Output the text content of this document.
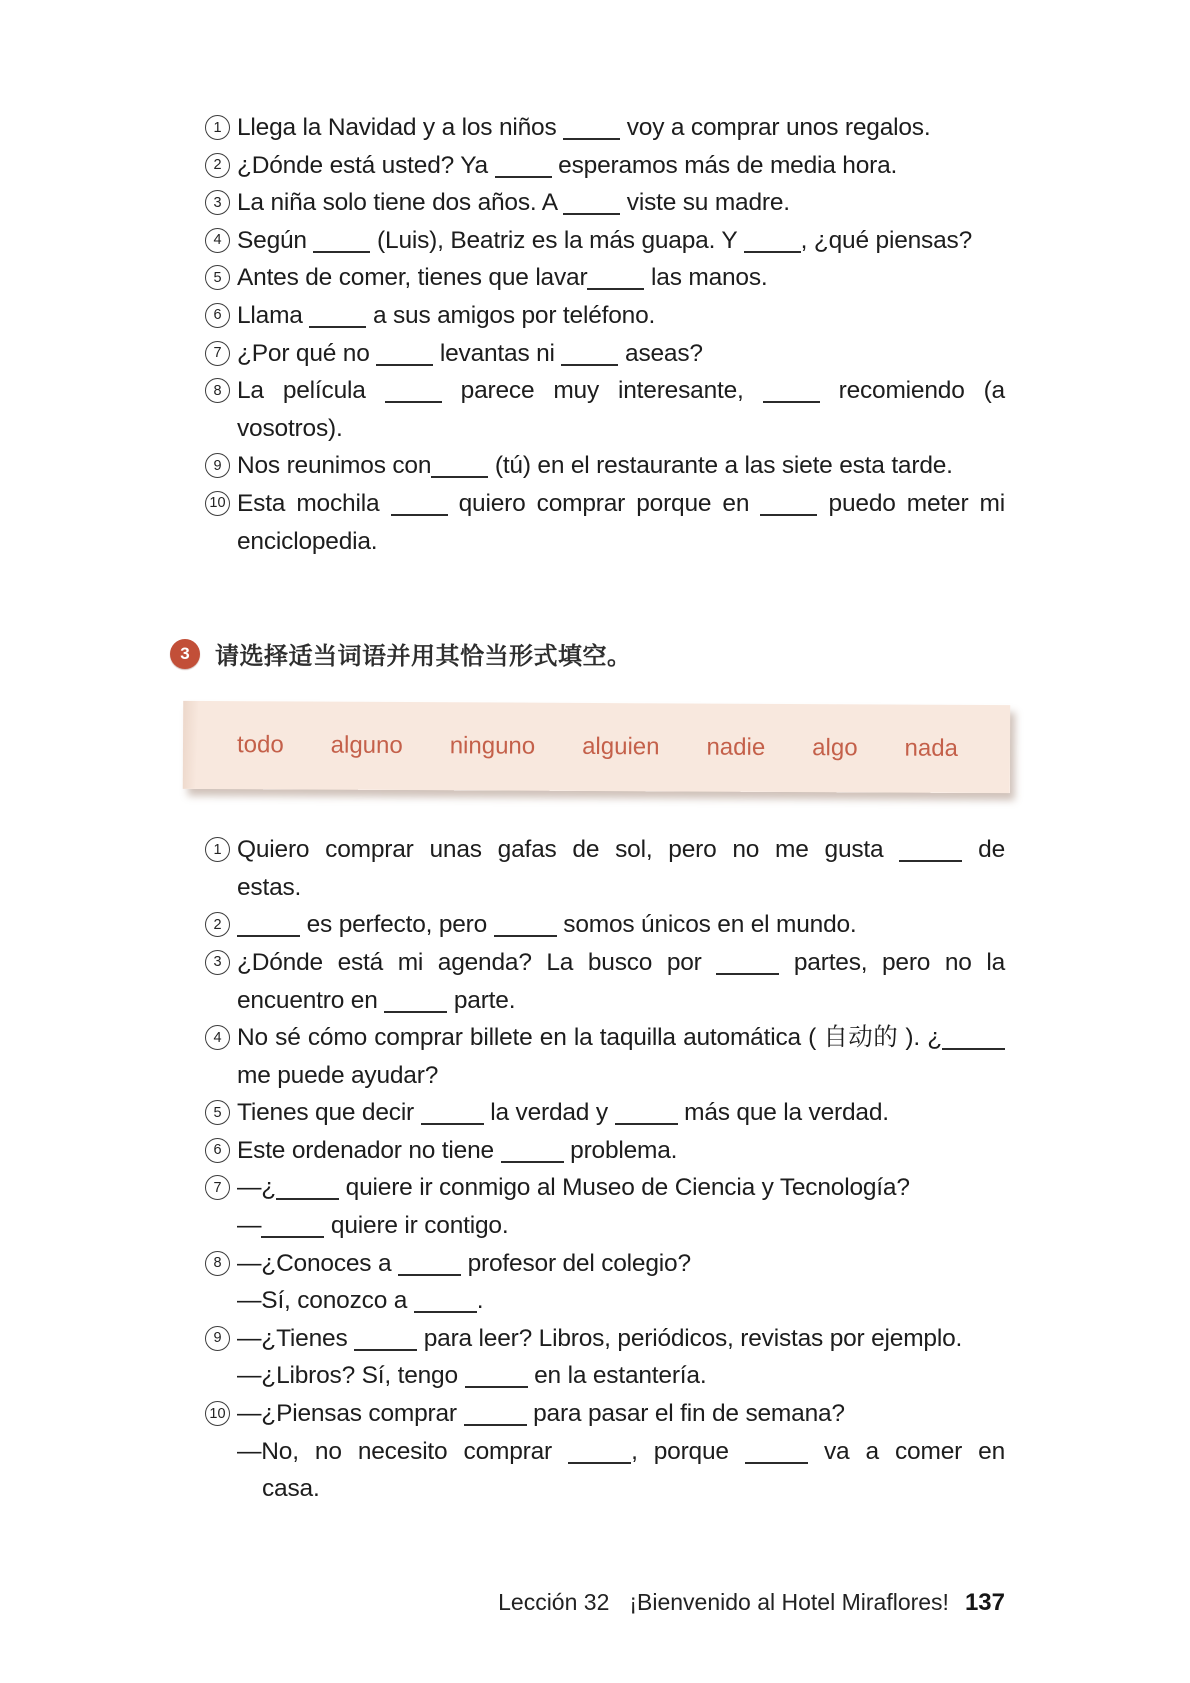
1 Llega la Navidad y a los niños  voy a comprar unos regalos.
2 ¿Dónde está usted? Ya  esperamos más de media hora.
3 La niña solo tiene dos años. A  viste su madre.
4 Según  (Luis), Beatriz es la más guapa. Y , ¿qué piensas?
5 Antes de comer, tienes que lavar las manos.
6 Llama  a sus amigos por teléfono.
7 ¿Por qué no  levantas ni  aseas?
8 La película  parece muy interesante,  recomiendo (a
vosotros).
9 Nos reunimos con (tú) en el restaurante a las siete esta tarde.
10 Esta mochila  quiero comprar porque en  puedo meter mi
enciclopedia.
3	请选择适当词语并用其恰当形式填空。
todo alguno ninguno alguien nadie algo nada
1 Quiero comprar unas gafas de sol, pero no me gusta	de
estas.
2	es perfecto, pero	somos únicos en el mundo.
3 ¿Dónde está mi agenda? La busco por	partes, pero no la
encuentro en	parte.
4 No sé cómo comprar billete en la taquilla automática ( 自动的 ). ¿
me puede ayudar?
5 Tienes que decir	la verdad y	más que la verdad.
6 Este ordenador no tiene	problema.
7 —¿	quiere ir conmigo al Museo de Ciencia y Tecnología?
—	quiere ir contigo.
8 —¿Conoces a	profesor del colegio?
—Sí, conozco a	.
9 —¿Tienes	para leer? Libros, periódicos, revistas por ejemplo.
—¿Libros? Sí, tengo	en la estantería.
10 —¿Piensas comprar	para pasar el fin de semana?
—No, no necesito comprar	, porque	va a comer en
casa.
Lección 32 ¡Bienvenido al Hotel Miraflores! 137
